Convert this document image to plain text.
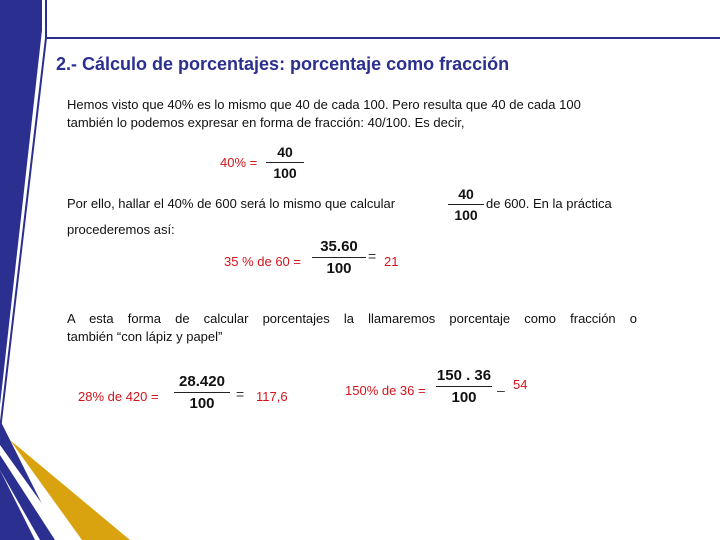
2.- Cálculo de porcentajes: porcentaje como fracción
Hemos visto que 40% es lo mismo que 40 de cada 100. Pero resulta que 40 de cada 100
también lo podemos expresar en forma de fracción: 40/100. Es decir,
40% =
40
100
Por ello, hallar el 40% de 600 será lo mismo que calcular
40
100
de 600. En la práctica
procederemos así:
35 % de 60 =
35.60
100
= 21
A esta forma de calcular porcentajes la llamaremos porcentaje como fracción o
también “con lápiz y papel”
28% de 420 =
28.420
100
= 117,6	150% de 36 =
150 . 36
100	– 54
